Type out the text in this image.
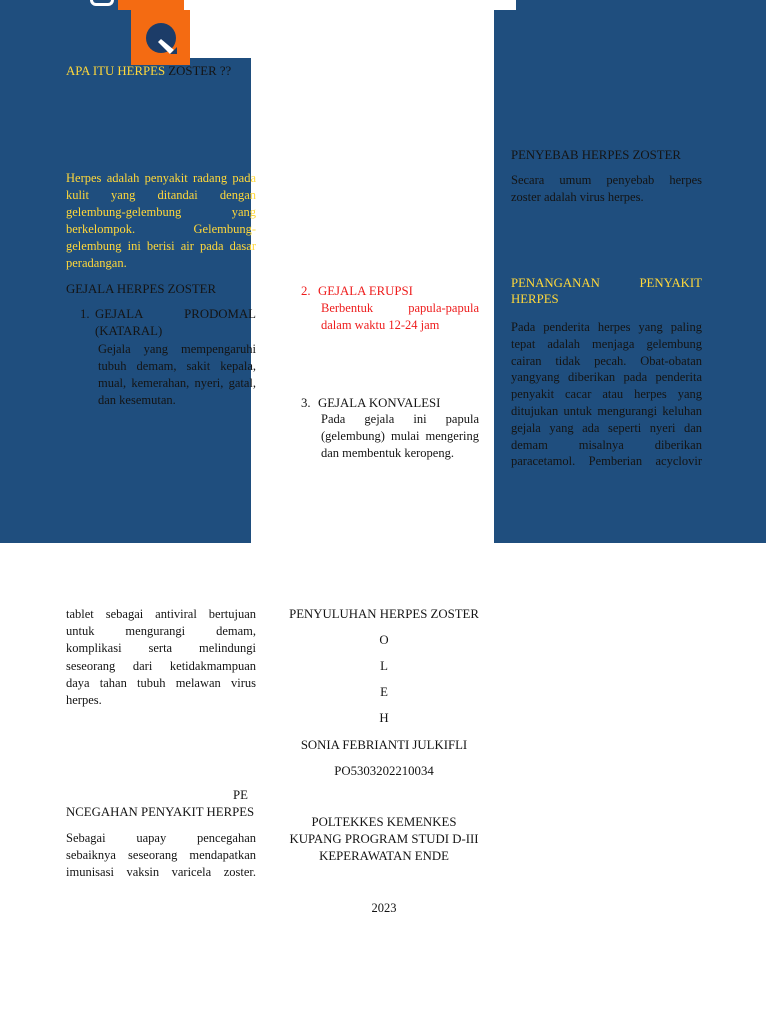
APA ITU HERPES ZOSTER ??
Herpes adalah penyakit radang pada
kulit yang ditandai dengan
gelembung-gelembung yang
berkelompok. Gelembung-
gelembung ini berisi air pada dasar
peradangan.
GEJALA HERPES ZOSTER
1. GEJALA PRODOMAL
(KATARAL)
Gejala yang mempengaruhi
tubuh demam, sakit kepala,
mual, kemerahan, nyeri, gatal,
dan kesemutan.
2. GEJALA ERUPSI
Berbentuk papula-papula
dalam waktu 12-24 jam
3. GEJALA KONVALESI
Pada gejala ini papula
(gelembung) mulai mengering
dan membentuk keropeng.
PENYEBAB HERPES ZOSTER
Secara umum penyebab herpes
zoster adalah virus herpes.
PENANGANAN PENYAKIT
HERPES
Pada penderita herpes yang paling
tepat adalah menjaga gelembung
cairan tidak pecah. Obat-obatan
yangyang diberikan pada penderita
penyakit cacar atau herpes yang
ditujukan untuk mengurangi keluhan
gejala yang ada seperti nyeri dan
demam misalnya diberikan
paracetamol. Pemberian acyclovir
tablet sebagai antiviral bertujuan
untuk mengurangi demam,
komplikasi serta melindungi
seseorang dari ketidakmampuan
daya tahan tubuh melawan virus
herpes.
PE
NCEGAHAN PENYAKIT HERPES
Sebagai uapay pencegahan
sebaiknya seseorang mendapatkan
imunisasi vaksin varicela zoster.
PENYULUHAN HERPES ZOSTER
O
L
E
H
SONIA FEBRIANTI JULKIFLI
PO5303202210034
POLTEKKES KEMENKES
KUPANG PROGRAM STUDI D-III
KEPERAWATAN ENDE
2023
